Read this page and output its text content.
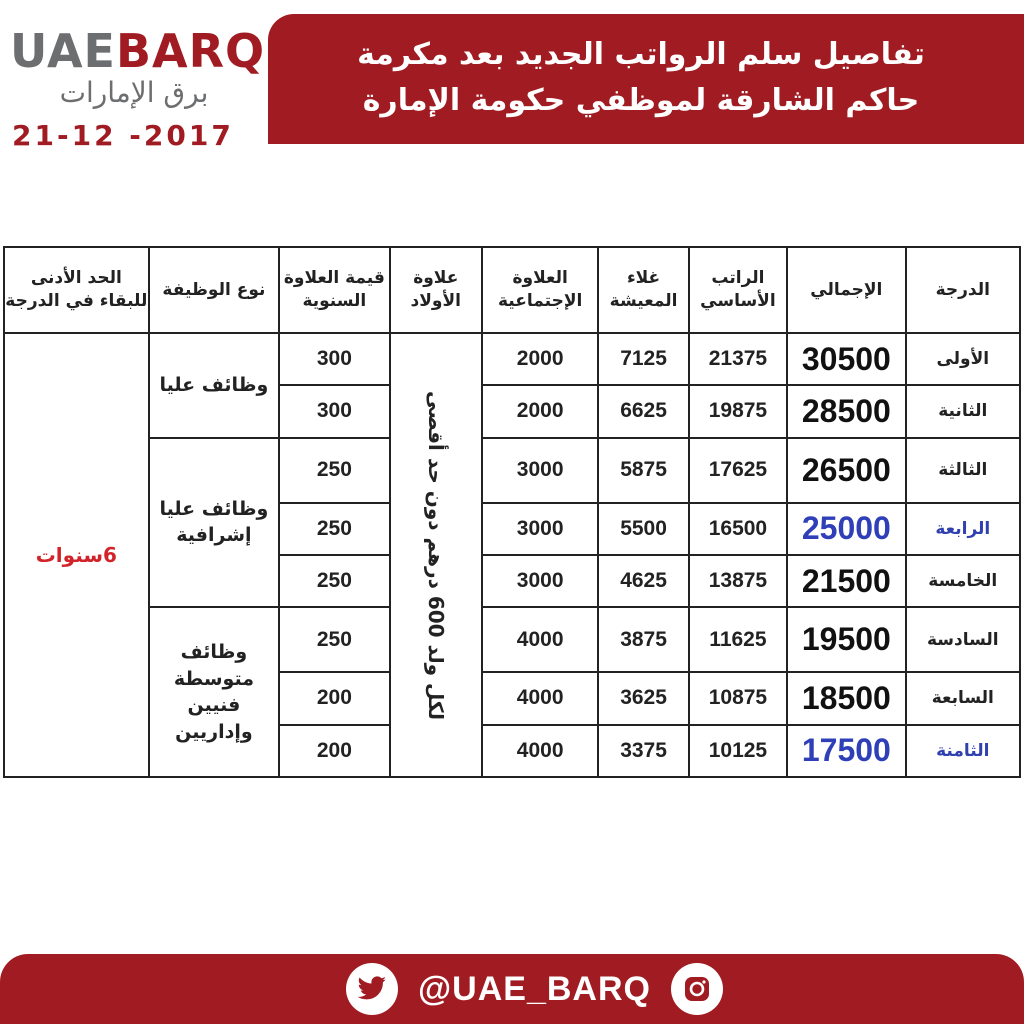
UAEBARQ
برق الإمارات
21-12 -2017
تفاصيل سلم الرواتب الجديد بعد مكرمة
حاكم الشارقة لموظفي حكومة الإمارة
الدرجة	الإجمالي	الراتب الأساسي	غلاء المعيشة	العلاوة الإجتماعية	علاوة الأولاد	قيمة العلاوة السنوية	نوع الوظيفة	الحد الأدنى للبقاء في الدرجة
الأولى	30500	21375	7125	2000	لكل ولد 600 درهم دون حد أقصى	300	وظائف عليا	6سنوات
الثانية	28500	19875	6625	2000		300		
الثالثة	26500	17625	5875	3000		250	وظائف عليا إشرافية	
الرابعة	25000	16500	5500	3000		250		
الخامسة	21500	13875	4625	3000		250		
السادسة	19500	11625	3875	4000		250	وظائف متوسطة فنيين وإداريين	
السابعة	18500	10875	3625	4000		200		
الثامنة	17500	10125	3375	4000		200		
@UAE_BARQ
